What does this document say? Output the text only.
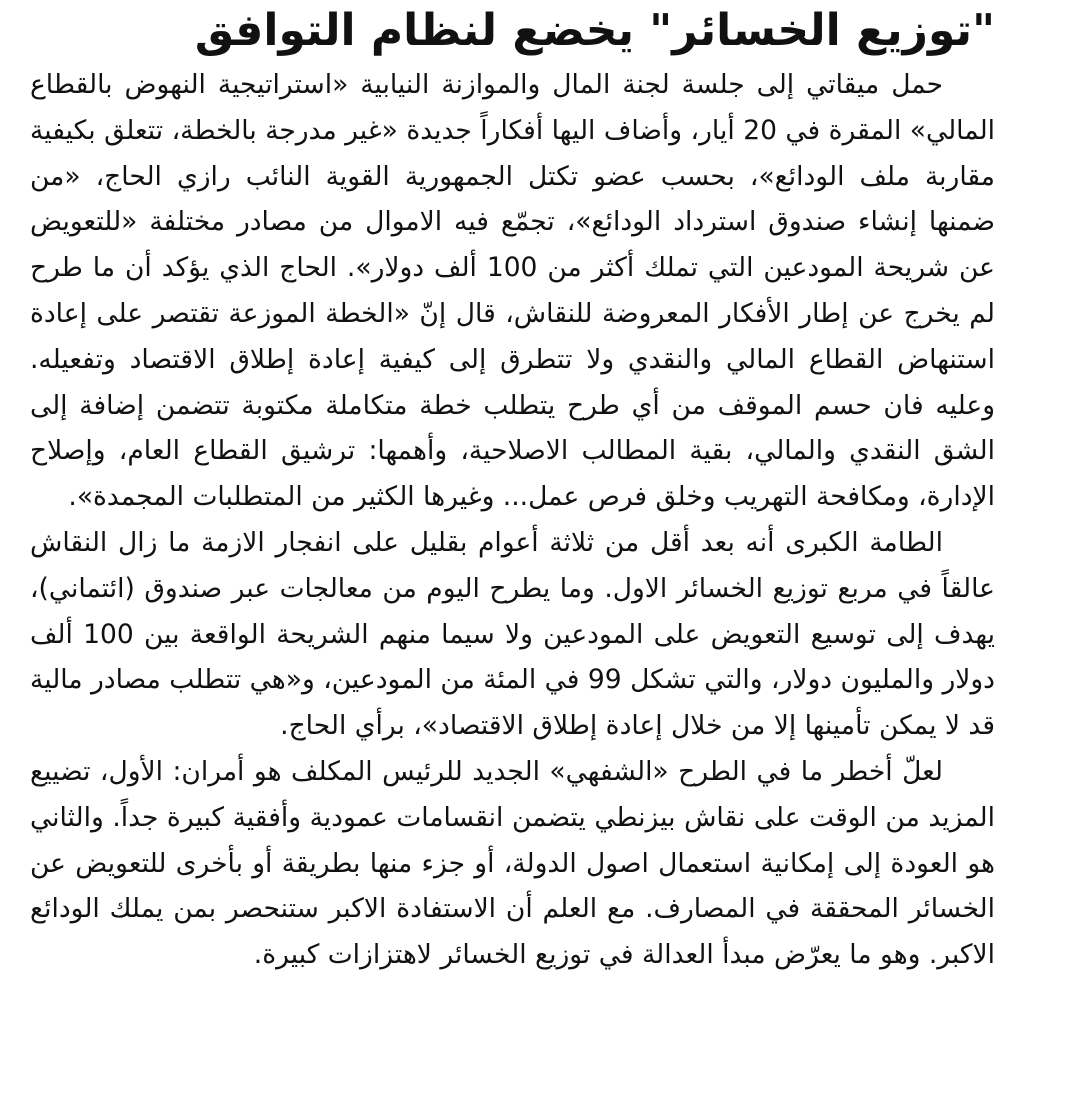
"توزيع الخسائر" يخضع لنظام التوافق

حمل ميقاتي إلى جلسة لجنة المال والموازنة النيابية «استراتيجية النهوض بالقطاع المالي» المقرة في 20 أيار، وأضاف اليها أفكاراً جديدة «غير مدرجة بالخطة، تتعلق بكيفية مقاربة ملف الودائع»، بحسب عضو تكتل الجمهورية القوية النائب رازي الحاج، «من ضمنها إنشاء صندوق استرداد الودائع»، تجمّع فيه الاموال من مصادر مختلفة «للتعويض عن شريحة المودعين التي تملك أكثر من 100 ألف دولار». الحاج الذي يؤكد أن ما طرح لم يخرج عن إطار الأفكار المعروضة للنقاش، قال إنّ «الخطة الموزعة تقتصر على إعادة استنهاض القطاع المالي والنقدي ولا تتطرق إلى كيفية إعادة إطلاق الاقتصاد وتفعيله. وعليه فان حسم الموقف من أي طرح يتطلب خطة متكاملة مكتوبة تتضمن إضافة إلى الشق النقدي والمالي، بقية المطالب الاصلاحية، وأهمها: ترشيق القطاع العام، وإصلاح الإدارة، ومكافحة التهريب وخلق فرص عمل... وغيرها الكثير من المتطلبات المجمدة».

الطامة الكبرى أنه بعد أقل من ثلاثة أعوام بقليل على انفجار الازمة ما زال النقاش عالقاً في مربع توزيع الخسائر الاول. وما يطرح اليوم من معالجات عبر صندوق (ائتماني)، يهدف إلى توسيع التعويض على المودعين ولا سيما منهم الشريحة الواقعة بين 100 ألف دولار والمليون دولار، والتي تشكل 99 في المئة من المودعين، و«هي تتطلب مصادر مالية قد لا يمكن تأمينها إلا من خلال إعادة إطلاق الاقتصاد»، برأي الحاج.

لعلّ أخطر ما في الطرح «الشفهي» الجديد للرئيس المكلف هو أمران: الأول، تضييع المزيد من الوقت على نقاش بيزنطي يتضمن انقسامات عمودية وأفقية كبيرة جداً. والثاني هو العودة إلى إمكانية استعمال اصول الدولة، أو جزء منها بطريقة أو بأخرى للتعويض عن الخسائر المحققة في المصارف. مع العلم أن الاستفادة الاكبر ستنحصر بمن يملك الودائع الاكبر. وهو ما يعرّض مبدأ العدالة في توزيع الخسائر لاهتزازات كبيرة.
